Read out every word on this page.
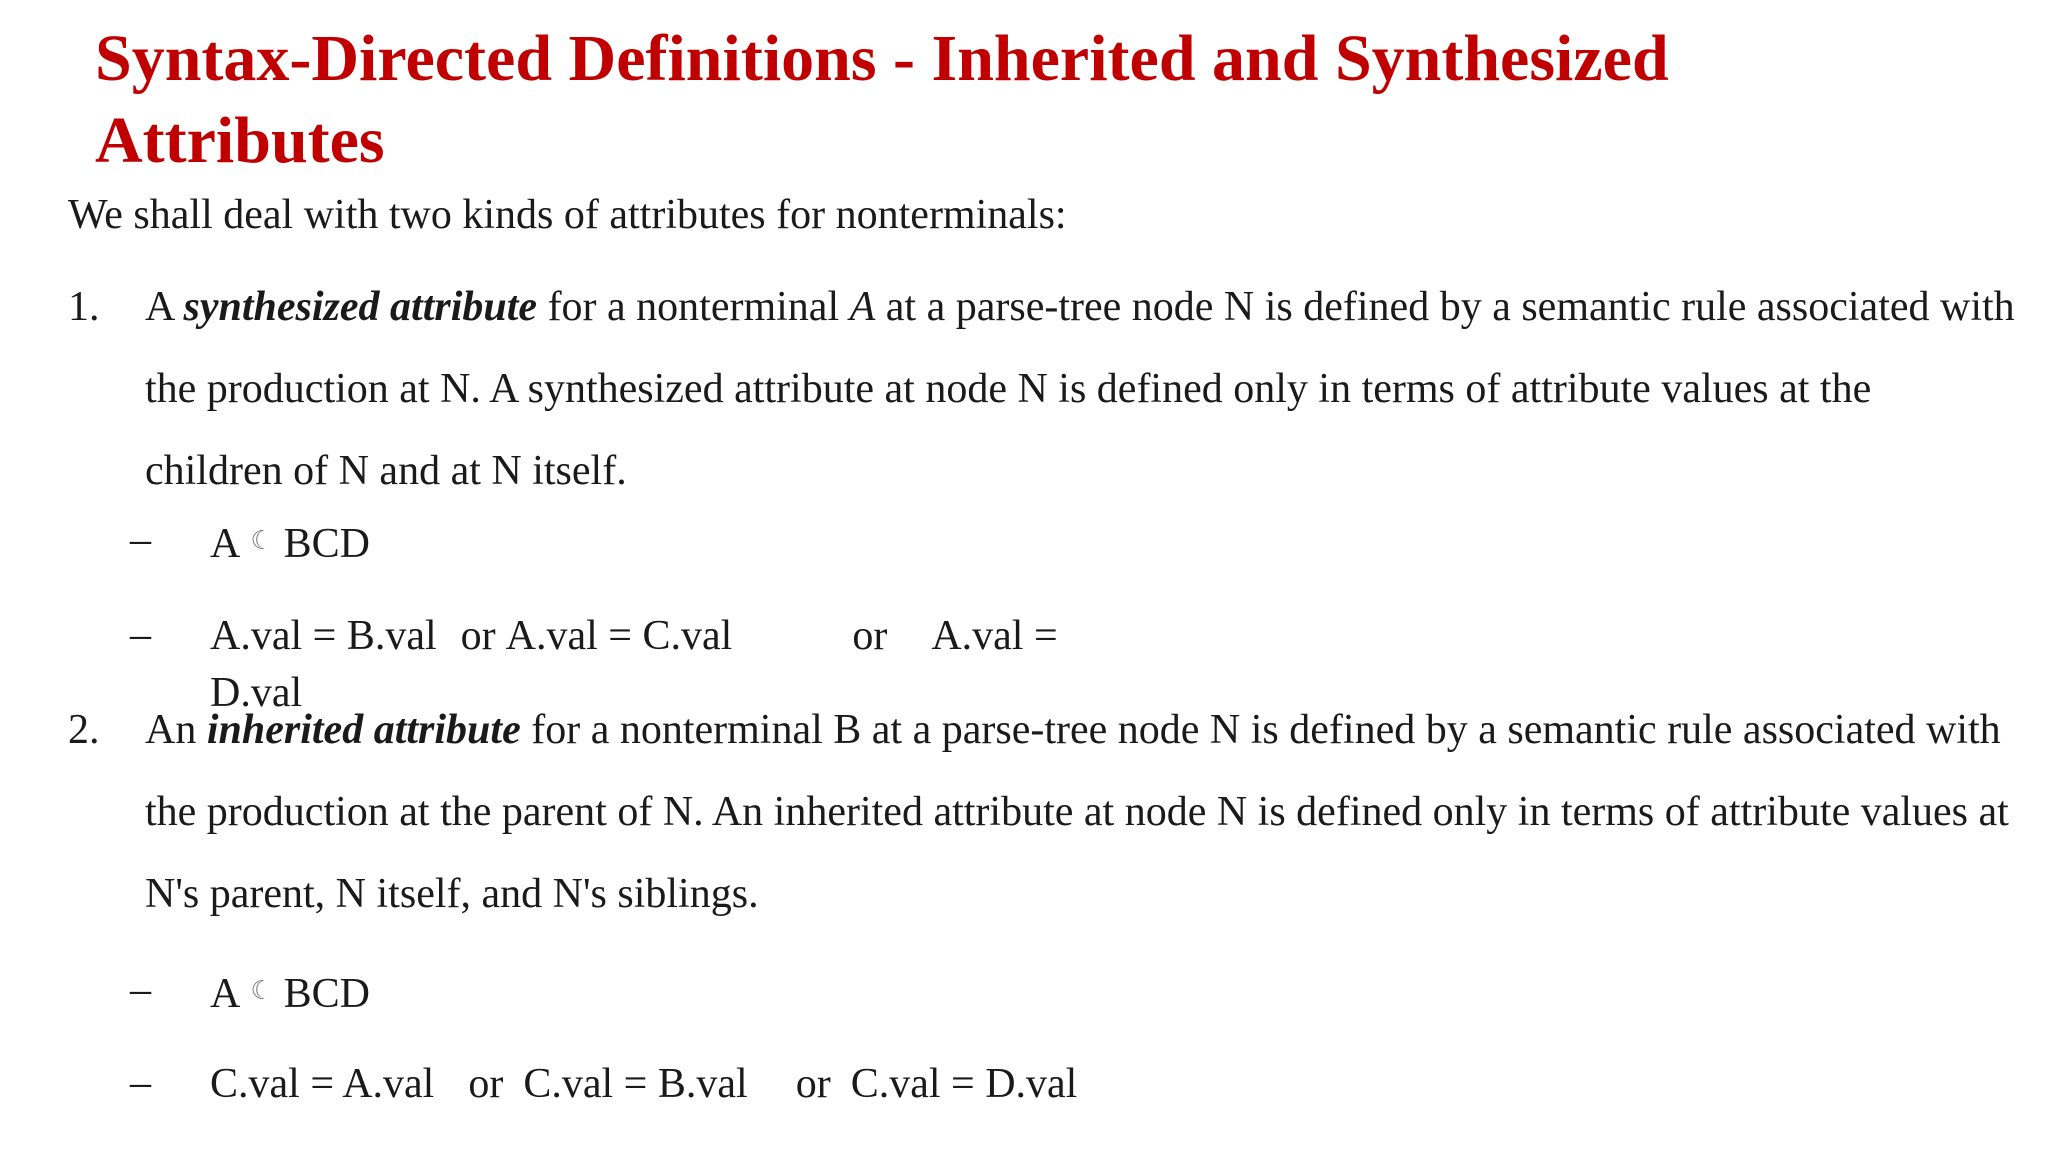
Syntax-Directed Definitions - Inherited and Synthesized Attributes
We shall deal with two kinds of attributes for nonterminals:
1. A synthesized attribute for a nonterminal A at a parse-tree node N is defined by a semantic rule associated with the production at N. A synthesized attribute at node N is defined only in terms of attribute values at the children of N and at N itself.

– A ☾ BCD
– A.val = B.val or A.val = C.val	or A.val =
D.val
2. An inherited attribute for a nonterminal B at a parse-tree node N is defined by a semantic rule associated with the production at the parent of N. An inherited attribute at node N is defined only in terms of attribute values at N's parent, N itself, and N's siblings.

– A ☾ BCD
– C.val = A.val or C.val = B.val or C.val = D.val
